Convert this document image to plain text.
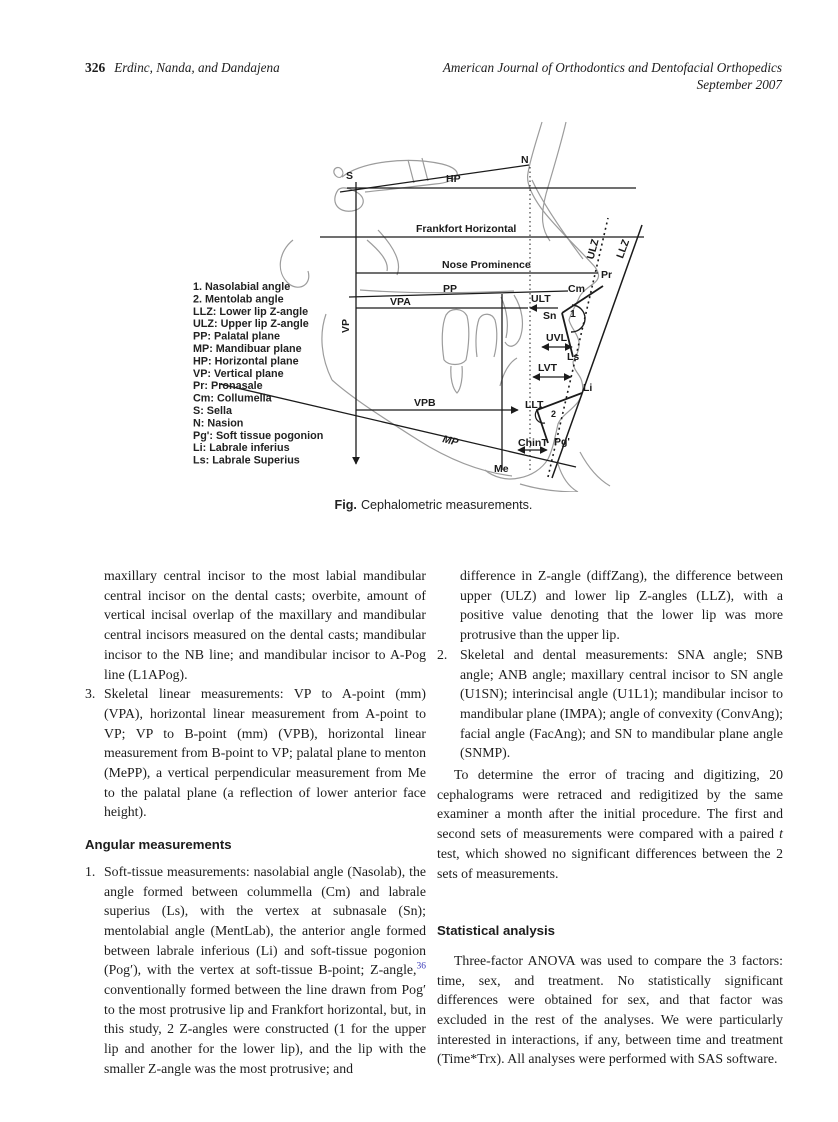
326 Erdinc, Nanda, and Dandajena	American Journal of Orthodontics and Dentofacial Orthopedics
September 2007
S
N
HP
Frankfort Horizontal
Nose Prominence
PP
VPA
VP
VPB
MP
Me
ULT
Sn 1
UVL
Ls
LVT
Li
LLT
2
ChinT Pg'
Cm
Pr
ULZ LLZ
1. Nasolabial angle
2. Mentolab angle
LLZ: Lower lip Z-angle
ULZ: Upper lip Z-angle
PP: Palatal plane
MP: Mandibuar plane
HP: Horizontal plane
VP: Vertical plane
Pr: Pronasale
Cm: Collumella
S: Sella
N: Nasion
Pg': Soft tissue pogonion
Li: Labrale inferius
Ls: Labrale Superius
Fig. Cephalometric measurements.

maxillary central incisor to the most labial mandibular central incisor on the dental casts; overbite, amount of vertical incisal overlap of the maxillary and mandibular central incisors measured on the dental casts; mandibular incisor to the NB line; and mandibular incisor to A-Pog line (L1APog).

3. Skeletal linear measurements: VP to A-point (mm) (VPA), horizontal linear measurement from A-point to VP; VP to B-point (mm) (VPB), horizontal linear measurement from B-point to VP; palatal plane to menton (MePP), a vertical perpendicular measurement from Me to the palatal plane (a reflection of lower anterior face height).

Angular measurements

1. Soft-tissue measurements: nasolabial angle (Nasolab), the angle formed between colummella (Cm) and labrale superius (Ls), with the vertex at subnasale (Sn); mentolabial angle (MentLab), the anterior angle formed between labrale inferious (Li) and soft-tissue pogonion (Pog′), with the vertex at soft-tissue B-point; Z-angle,$^{36}$ conventionally formed between the line drawn from Pog′ to the most protrusive lip and Frankfort horizontal, but, in this study, 2 Z-angles were constructed (1 for the upper lip and another for the lower lip), and the lip with the smaller Z-angle was the most protrusive; and

difference in Z-angle (diffZang), the difference between upper (ULZ) and lower lip Z-angles (LLZ), with a positive value denoting that the lower lip was more protrusive than the upper lip.

2. Skeletal and dental measurements: SNA angle; SNB angle; ANB angle; maxillary central incisor to SN angle (U1SN); interincisal angle (U1L1); mandibular incisor to mandibular plane (IMPA); angle of convexity (ConvAng); facial angle (FacAng); and SN to mandibular plane angle (SNMP).

To determine the error of tracing and digitizing, 20 cephalograms were retraced and redigitized by the same examiner a month after the initial procedure. The first and second sets of measurements were compared with a paired t test, which showed no significant differences between the 2 sets of measurements.

Statistical analysis

Three-factor ANOVA was used to compare the 3 factors: time, sex, and treatment. No statistically significant differences were obtained for sex, and that factor was excluded in the rest of the analyses. We were particularly interested in interactions, if any, between time and treatment (Time*Trx). All analyses were performed with SAS software.
